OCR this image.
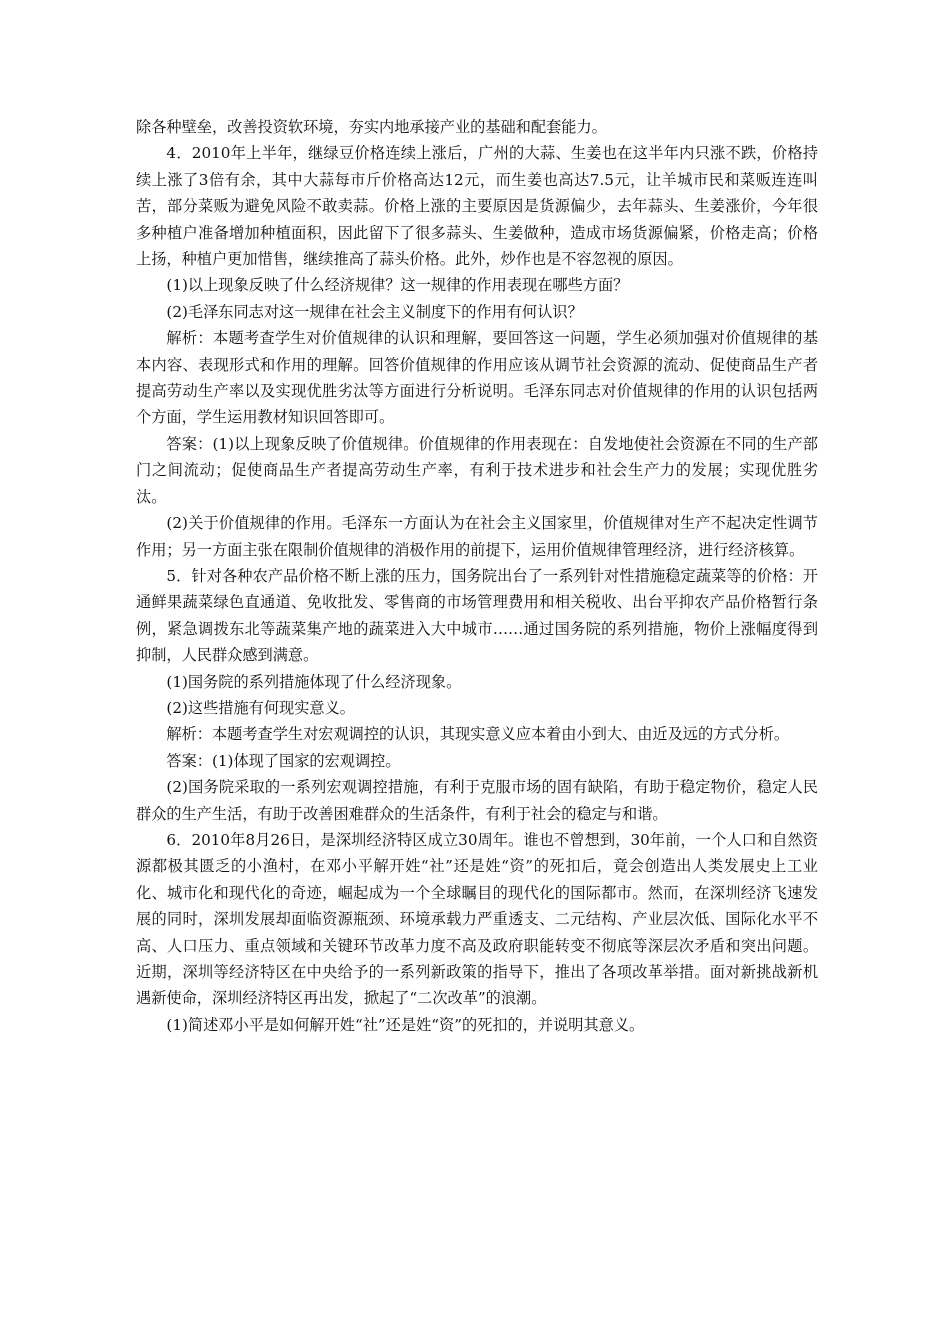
除各种壁垒，改善投资软环境，夯实内地承接产业的基础和配套能力。

4．2010年上半年，继绿豆价格连续上涨后，广州的大蒜、生姜也在这半年内只涨不跌，价格持续上涨了3倍有余，其中大蒜每市斤价格高达12元，而生姜也高达7.5元，让羊城市民和菜贩连连叫苦，部分菜贩为避免风险不敢卖蒜。价格上涨的主要原因是货源偏少，去年蒜头、生姜涨价，今年很多种植户准备增加种植面积，因此留下了很多蒜头、生姜做种，造成市场货源偏紧，价格走高；价格上扬，种植户更加惜售，继续推高了蒜头价格。此外，炒作也是不容忽视的原因。

(1)以上现象反映了什么经济规律？这一规律的作用表现在哪些方面？

(2)毛泽东同志对这一规律在社会主义制度下的作用有何认识？

解析：本题考查学生对价值规律的认识和理解，要回答这一问题，学生必须加强对价值规律的基本内容、表现形式和作用的理解。回答价值规律的作用应该从调节社会资源的流动、促使商品生产者提高劳动生产率以及实现优胜劣汰等方面进行分析说明。毛泽东同志对价值规律的作用的认识包括两个方面，学生运用教材知识回答即可。

答案：(1)以上现象反映了价值规律。价值规律的作用表现在：自发地使社会资源在不同的生产部门之间流动；促使商品生产者提高劳动生产率，有利于技术进步和社会生产力的发展；实现优胜劣汰。

(2)关于价值规律的作用。毛泽东一方面认为在社会主义国家里，价值规律对生产不起决定性调节作用；另一方面主张在限制价值规律的消极作用的前提下，运用价值规律管理经济，进行经济核算。

5．针对各种农产品价格不断上涨的压力，国务院出台了一系列针对性措施稳定蔬菜等的价格：开通鲜果蔬菜绿色直通道、免收批发、零售商的市场管理费用和相关税收、出台平抑农产品价格暂行条例，紧急调拨东北等蔬菜集产地的蔬菜进入大中城市……通过国务院的系列措施，物价上涨幅度得到抑制，人民群众感到满意。

(1)国务院的系列措施体现了什么经济现象。

(2)这些措施有何现实意义。

解析：本题考查学生对宏观调控的认识，其现实意义应本着由小到大、由近及远的方式分析。

答案：(1)体现了国家的宏观调控。

(2)国务院采取的一系列宏观调控措施，有利于克服市场的固有缺陷，有助于稳定物价，稳定人民群众的生产生活，有助于改善困难群众的生活条件，有利于社会的稳定与和谐。

6．2010年8月26日，是深圳经济特区成立30周年。谁也不曾想到，30年前，一个人口和自然资源都极其匮乏的小渔村，在邓小平解开姓“社”还是姓“资”的死扣后，竟会创造出人类发展史上工业化、城市化和现代化的奇迹，崛起成为一个全球瞩目的现代化的国际都市。然而，在深圳经济飞速发展的同时，深圳发展却面临资源瓶颈、环境承载力严重透支、二元结构、产业层次低、国际化水平不高、人口压力、重点领域和关键环节改革力度不高及政府职能转变不彻底等深层次矛盾和突出问题。近期，深圳等经济特区在中央给予的一系列新政策的指导下，推出了各项改革举措。面对新挑战新机遇新使命，深圳经济特区再出发，掀起了“二次改革”的浪潮。

(1)简述邓小平是如何解开姓“社”还是姓“资”的死扣的，并说明其意义。
